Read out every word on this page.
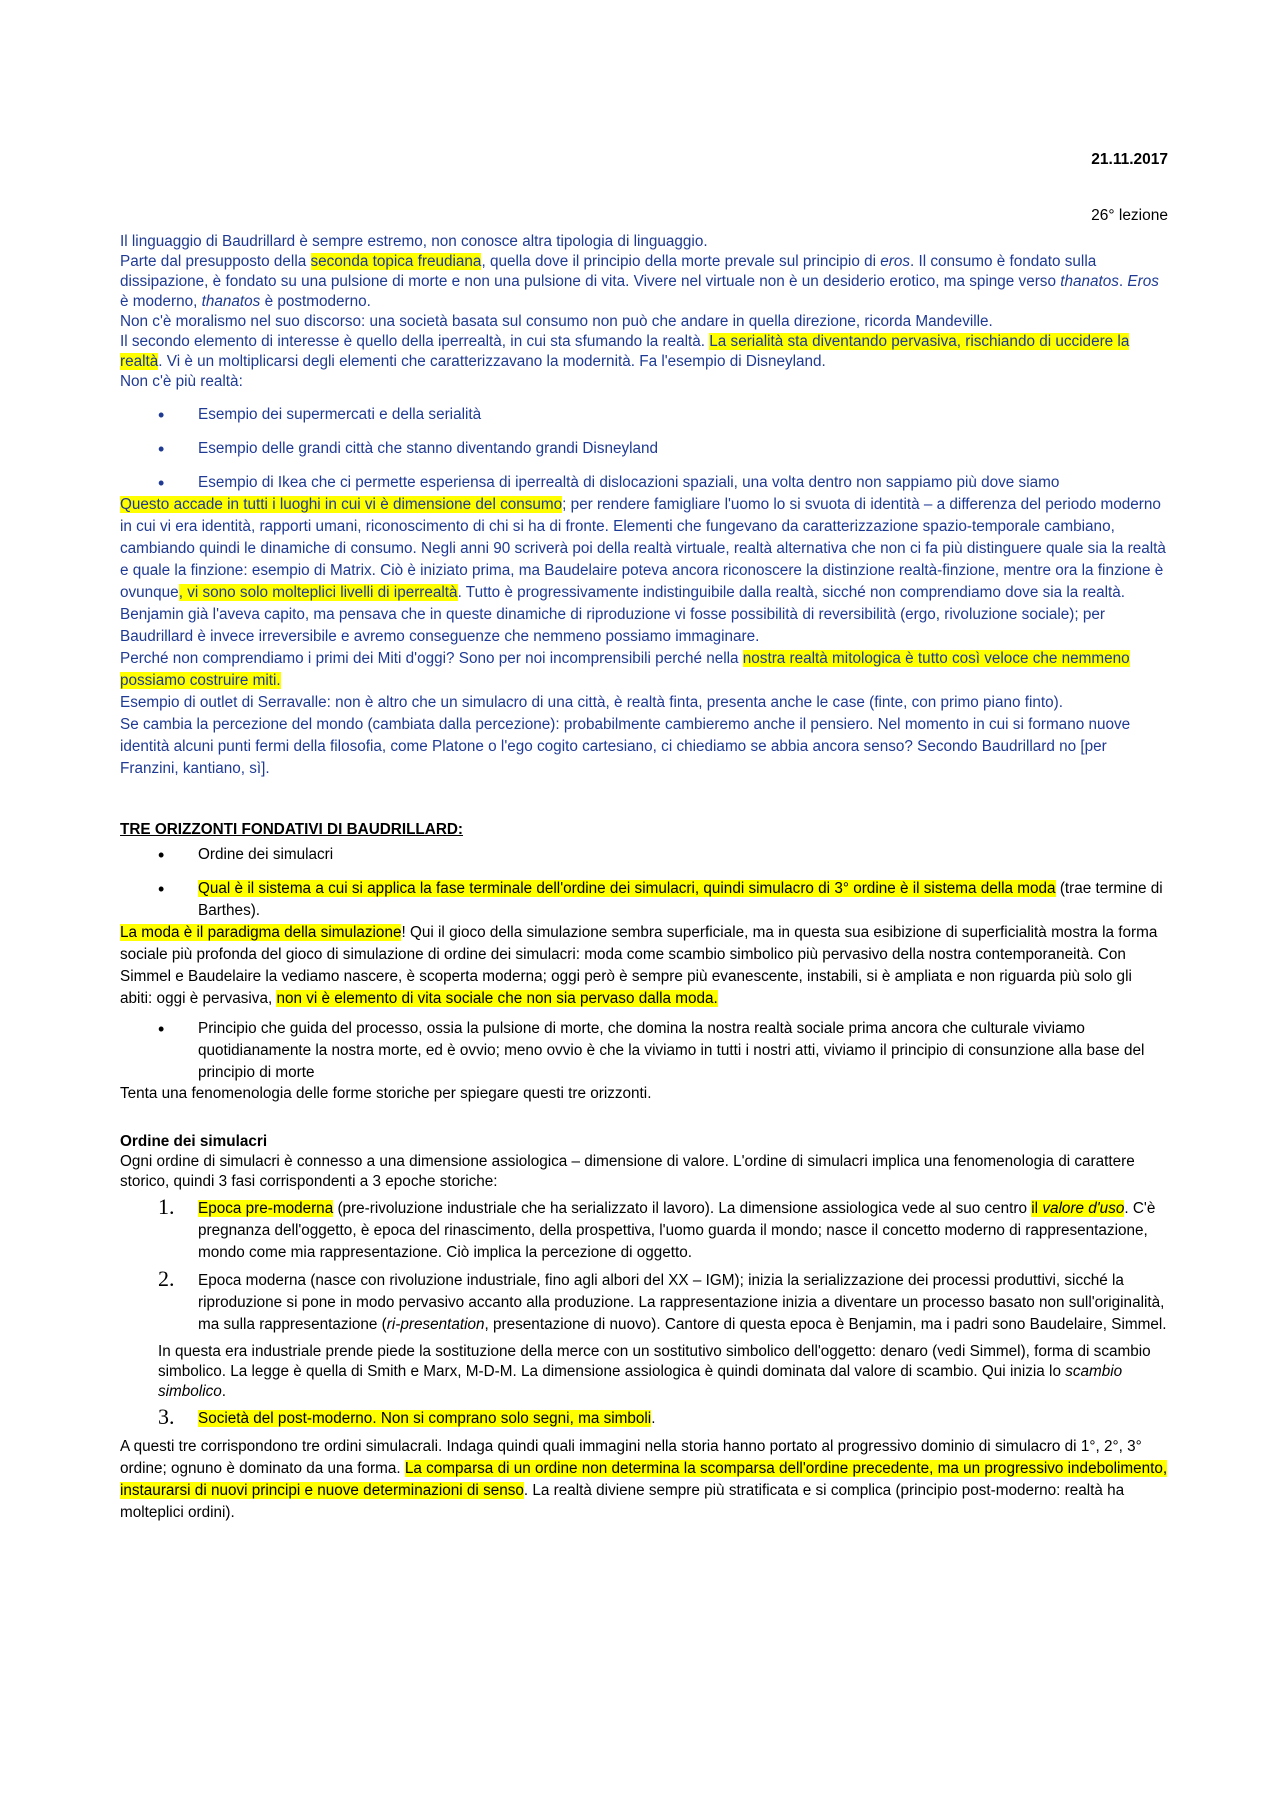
21.11.2017
26° lezione

Il linguaggio di Baudrillard è sempre estremo, non conosce altra tipologia di linguaggio.

Parte dal presupposto della seconda topica freudiana, quella dove il principio della morte prevale sul principio di eros. Il consumo è fondato sulla dissipazione, è fondato su una pulsione di morte e non una pulsione di vita. Vivere nel virtuale non è un desiderio erotico, ma spinge verso thanatos. Eros è moderno, thanatos è postmoderno.

Non c'è moralismo nel suo discorso: una società basata sul consumo non può che andare in quella direzione, ricorda Mandeville.

Il secondo elemento di interesse è quello della iperrealtà, in cui sta sfumando la realtà. La serialità sta diventando pervasiva, rischiando di uccidere la realtà. Vi è un moltiplicarsi degli elementi che caratterizzavano la modernità. Fa l'esempio di Disneyland.

Non c'è più realtà:

• Esempio dei supermercati e della serialità
• Esempio delle grandi città che stanno diventando grandi Disneyland
• Esempio di Ikea che ci permette esperiensa di iperrealtà di dislocazioni spaziali, una volta dentro non sappiamo più dove siamo

Questo accade in tutti i luoghi in cui vi è dimensione del consumo; per rendere famigliare l'uomo lo si svuota di identità – a differenza del periodo moderno in cui vi era identità, rapporti umani, riconoscimento di chi si ha di fronte. Elementi che fungevano da caratterizzazione spazio-temporale cambiano, cambiando quindi le dinamiche di consumo. Negli anni 90 scriverà poi della realtà virtuale, realtà alternativa che non ci fa più distinguere quale sia la realtà e quale la finzione: esempio di Matrix. Ciò è iniziato prima, ma Baudelaire poteva ancora riconoscere la distinzione realtà-finzione, mentre ora la finzione è ovunque, vi sono solo molteplici livelli di iperrealtà. Tutto è progressivamente indistinguibile dalla realtà, sicché non comprendiamo dove sia la realtà. Benjamin già l'aveva capito, ma pensava che in queste dinamiche di riproduzione vi fosse possibilità di reversibilità (ergo, rivoluzione sociale); per Baudrillard è invece irreversibile e avremo conseguenze che nemmeno possiamo immaginare.

Perché non comprendiamo i primi dei Miti d'oggi? Sono per noi incomprensibili perché nella nostra realtà mitologica è tutto così veloce che nemmeno possiamo costruire miti.

Esempio di outlet di Serravalle: non è altro che un simulacro di una città, è realtà finta, presenta anche le case (finte, con primo piano finto).

Se cambia la percezione del mondo (cambiata dalla percezione): probabilmente cambieremo anche il pensiero. Nel momento in cui si formano nuove identità alcuni punti fermi della filosofia, come Platone o l'ego cogito cartesiano, ci chiediamo se abbia ancora senso? Secondo Baudrillard no [per Franzini, kantiano, sì].

TRE ORIZZONTI FONDATIVI DI BAUDRILLARD:

• Ordine dei simulacri
• Qual è il sistema a cui si applica la fase terminale dell'ordine dei simulacri, quindi simulacro di 3° ordine è il sistema della moda (trae termine di Barthes).

La moda è il paradigma della simulazione! Qui il gioco della simulazione sembra superficiale, ma in questa sua esibizione di superficialità mostra la forma sociale più profonda del gioco di simulazione di ordine dei simulacri: moda come scambio simbolico più pervasivo della nostra contemporaneità. Con Simmel e Baudelaire la vediamo nascere, è scoperta moderna; oggi però è sempre più evanescente, instabili, si è ampliata e non riguarda più solo gli abiti: oggi è pervasiva, non vi è elemento di vita sociale che non sia pervaso dalla moda.

• Principio che guida del processo, ossia la pulsione di morte, che domina la nostra realtà sociale prima ancora che culturale viviamo quotidianamente la nostra morte, ed è ovvio; meno ovvio è che la viviamo in tutti i nostri atti, viviamo il principio di consunzione alla base del principio di morte

Tenta una fenomenologia delle forme storiche per spiegare questi tre orizzonti.

Ordine dei simulacri

Ogni ordine di simulacri è connesso a una dimensione assiologica – dimensione di valore. L'ordine di simulacri implica una fenomenologia di carattere storico, quindi 3 fasi corrispondenti a 3 epoche storiche:

1. Epoca pre-moderna (pre-rivoluzione industriale che ha serializzato il lavoro). La dimensione assiologica vede al suo centro il valore d'uso. C'è pregnanza dell'oggetto, è epoca del rinascimento, della prospettiva, l'uomo guarda il mondo; nasce il concetto moderno di rappresentazione, mondo come mia rappresentazione. Ciò implica la percezione di oggetto.
2. Epoca moderna (nasce con rivoluzione industriale, fino agli albori del XX – IGM); inizia la serializzazione dei processi produttivi, sicché la riproduzione si pone in modo pervasivo accanto alla produzione. La rappresentazione inizia a diventare un processo basato non sull'originalità, ma sulla rappresentazione (ri-presentation, presentazione di nuovo). Cantore di questa epoca è Benjamin, ma i padri sono Baudelaire, Simmel.

In questa era industriale prende piede la sostituzione della merce con un sostitutivo simbolico dell'oggetto: denaro (vedi Simmel), forma di scambio simbolico. La legge è quella di Smith e Marx, M-D-M. La dimensione assiologica è quindi dominata dal valore di scambio. Qui inizia lo scambio simbolico.

3. Società del post-moderno. Non si comprano solo segni, ma simboli.

A questi tre corrispondono tre ordini simulacrali. Indaga quindi quali immagini nella storia hanno portato al progressivo dominio di simulacro di 1°, 2°, 3° ordine; ognuno è dominato da una forma. La comparsa di un ordine non determina la scomparsa dell'ordine precedente, ma un progressivo indebolimento, instaurarsi di nuovi principi e nuove determinazioni di senso. La realtà diviene sempre più stratificata e si complica (principio post-moderno: realtà ha molteplici ordini).
